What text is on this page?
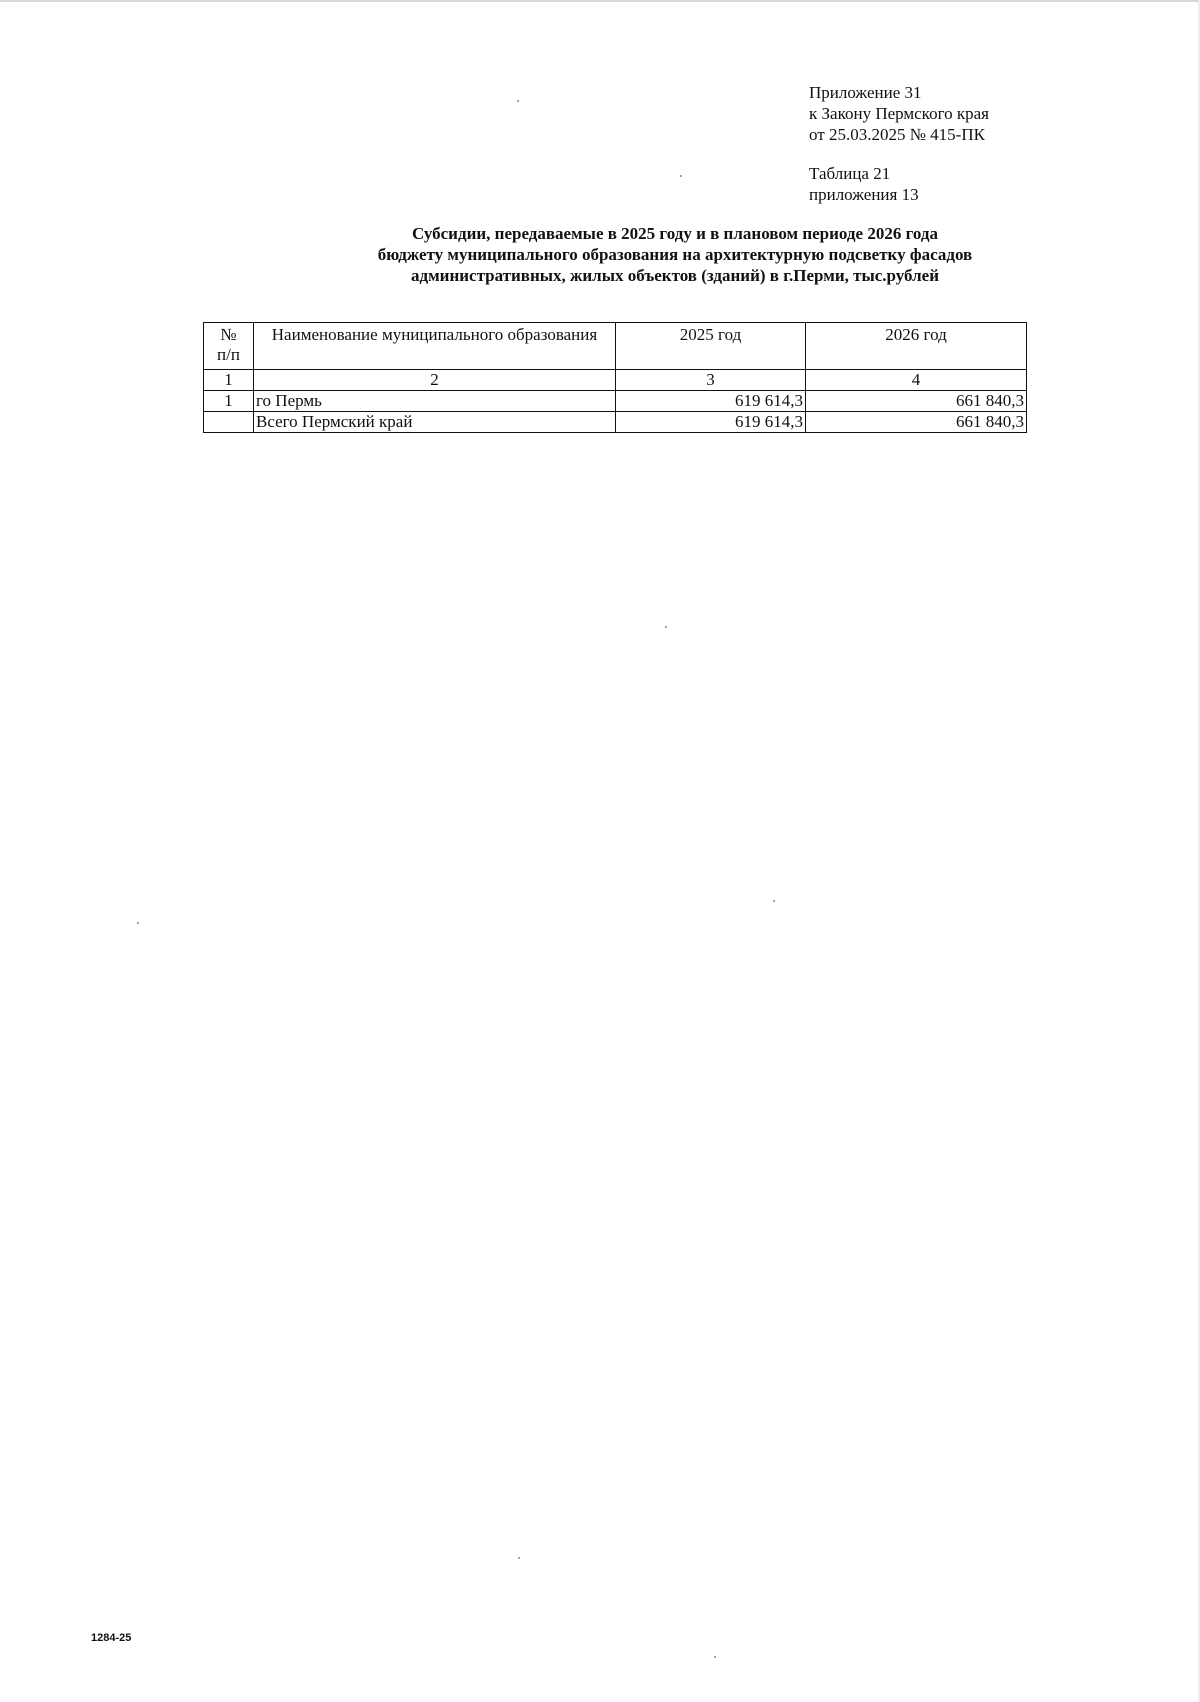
Приложение 31
к Закону Пермского края
от 25.03.2025 № 415-ПК
Таблица 21
приложения 13
Субсидии, передаваемые в 2025 году и в плановом периоде 2026 года
бюджету муниципального образования на архитектурную подсветку фасадов
административных, жилых объектов (зданий) в г.Перми, тыс.рублей
№
п/п	Наименование муниципального образования	2025 год	2026 год
1	2	3	4
1	го Пермь	619 614,3	661 840,3
	Всего Пермский край	619 614,3	661 840,3
1284-25
